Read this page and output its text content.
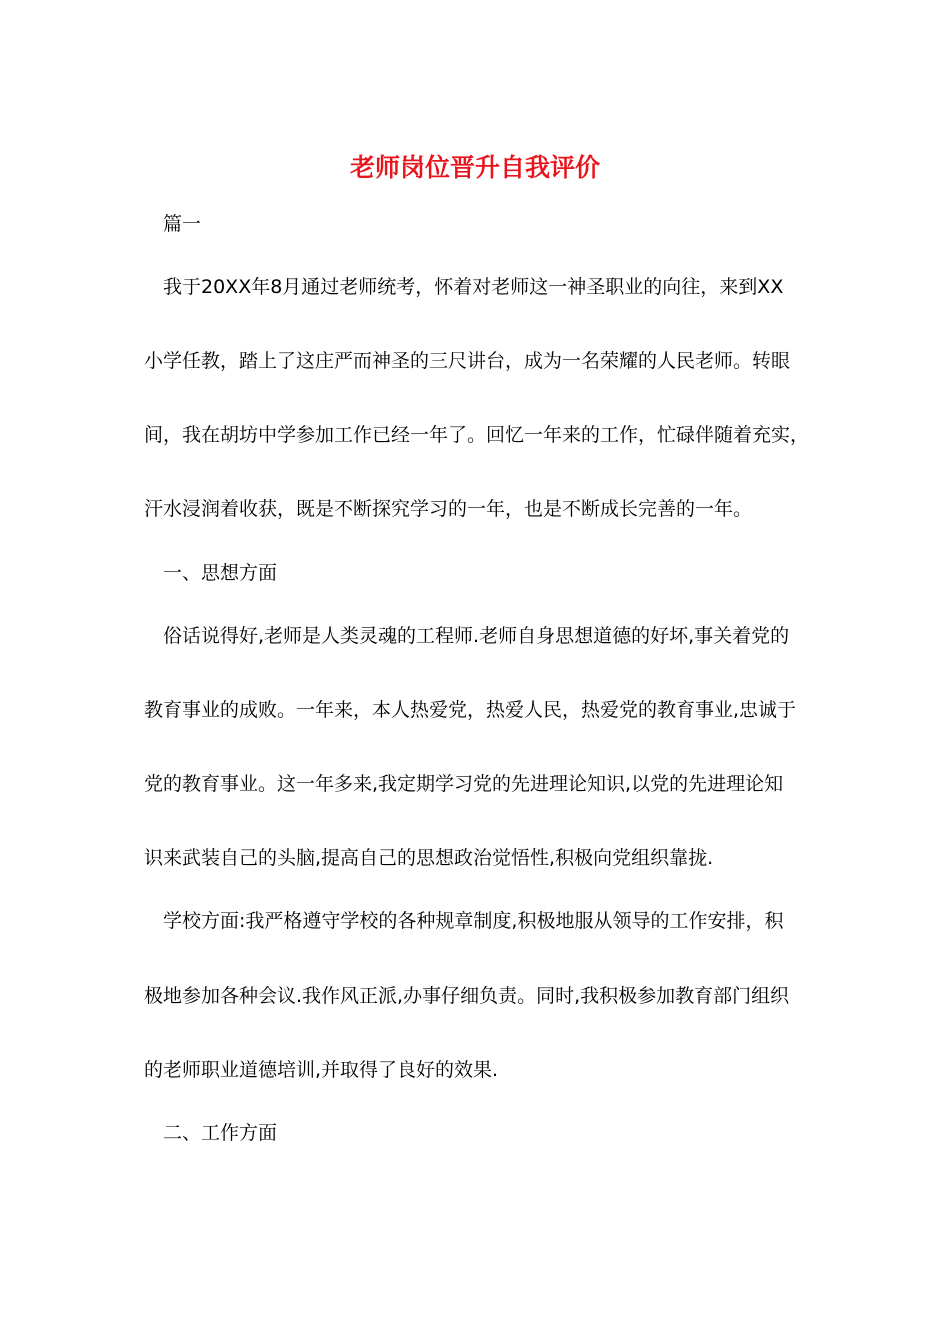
老师岗位晋升自我评价
篇一
我于20XX年8月通过老师统考，怀着对老师这一神圣职业的向往，来到XX
小学任教，踏上了这庄严而神圣的三尺讲台，成为一名荣耀的人民老师。转眼
间，我在胡坊中学参加工作已经一年了。回忆一年来的工作，忙碌伴随着充实，
汗水浸润着收获，既是不断探究学习的一年，也是不断成长完善的一年。
一、思想方面
俗话说得好,老师是人类灵魂的工程师.老师自身思想道德的好坏,事关着党的
教育事业的成败。一年来，本人热爱党，热爱人民，热爱党的教育事业,忠诚于
党的教育事业。这一年多来,我定期学习党的先进理论知识,以党的先进理论知
识来武装自己的头脑,提高自己的思想政治觉悟性,积极向党组织靠拢.
学校方面:我严格遵守学校的各种规章制度,积极地服从领导的工作安排，积
极地参加各种会议.我作风正派,办事仔细负责。同时,我积极参加教育部门组织
的老师职业道德培训,并取得了良好的效果.
二、工作方面
